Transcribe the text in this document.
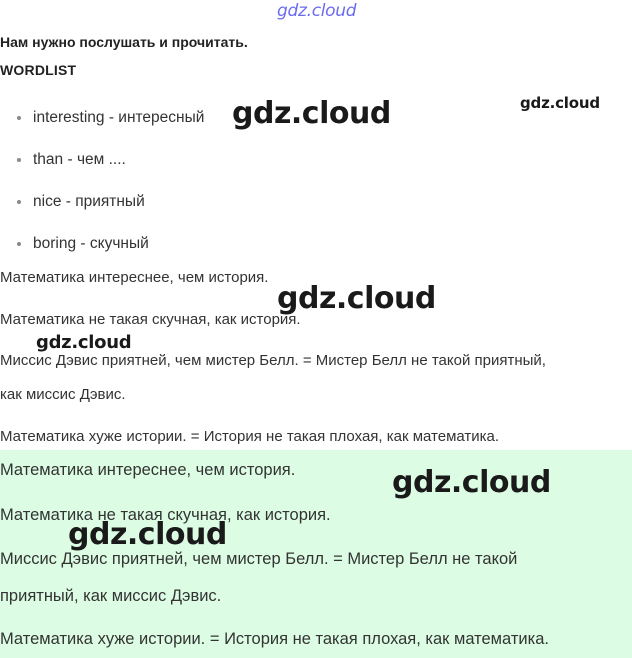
gdz.cloud
Нам нужно послушать и прочитать.
WORDLIST
interesting - интересный
than - чем ....
nice - приятный
boring - скучный
Математика интереснее, чем история.
Математика не такая скучная, как история.
Миссис Дэвис приятней, чем мистер Белл. = Мистер Белл не такой приятный,
как миссис Дэвис.
Математика хуже истории. = История не такая плохая, как математика.
Математика интереснее, чем история.
Математика не такая скучная, как история.
Миссис Дэвис приятней, чем мистер Белл. = Мистер Белл не такой
приятный, как миссис Дэвис.
Математика хуже истории. = История не такая плохая, как математика.
gdz.cloud	gdz.cloud
gdz.cloud
gdz.cloud
gdz.cloud
gdz.cloud
